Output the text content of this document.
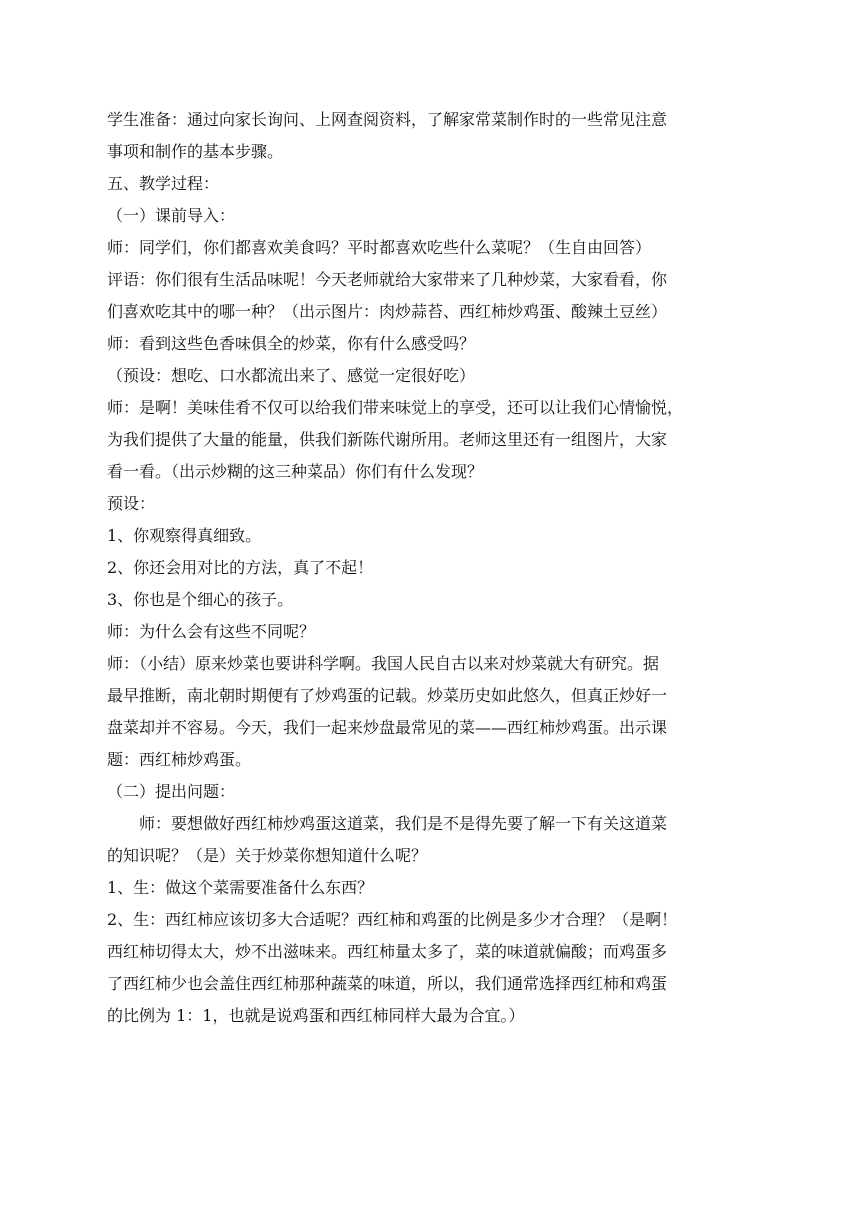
学生准备：通过向家长询问、上网查阅资料，了解家常菜制作时的一些常见注意
事项和制作的基本步骤。
五、教学过程：
（一）课前导入：
师：同学们，你们都喜欢美食吗？平时都喜欢吃些什么菜呢？（生自由回答）
评语：你们很有生活品味呢！今天老师就给大家带来了几种炒菜，大家看看，你
们喜欢吃其中的哪一种？（出示图片：肉炒蒜苔、西红柿炒鸡蛋、酸辣土豆丝）
师：看到这些色香味俱全的炒菜，你有什么感受吗？
（预设：想吃、口水都流出来了、感觉一定很好吃）
师：是啊！美味佳肴不仅可以给我们带来味觉上的享受，还可以让我们心情愉悦，
为我们提供了大量的能量，供我们新陈代谢所用。老师这里还有一组图片，大家
看一看。（出示炒糊的这三种菜品）你们有什么发现？
预设：
1、你观察得真细致。
2、你还会用对比的方法，真了不起！
3、你也是个细心的孩子。
师：为什么会有这些不同呢？
师：（小结）原来炒菜也要讲科学啊。我国人民自古以来对炒菜就大有研究。据
最早推断，南北朝时期便有了炒鸡蛋的记载。炒菜历史如此悠久，但真正炒好一
盘菜却并不容易。今天，我们一起来炒盘最常见的菜——西红柿炒鸡蛋。出示课
题：西红柿炒鸡蛋。
（二）提出问题：
师：要想做好西红柿炒鸡蛋这道菜，我们是不是得先要了解一下有关这道菜
的知识呢？（是）关于炒菜你想知道什么呢？
1、生：做这个菜需要准备什么东西？
2、生：西红柿应该切多大合适呢？西红柿和鸡蛋的比例是多少才合理？（是啊！
西红柿切得太大，炒不出滋味来。西红柿量太多了，菜的味道就偏酸；而鸡蛋多
了西红柿少也会盖住西红柿那种蔬菜的味道，所以，我们通常选择西红柿和鸡蛋
的比例为 1：1，也就是说鸡蛋和西红柿同样大最为合宜。）
